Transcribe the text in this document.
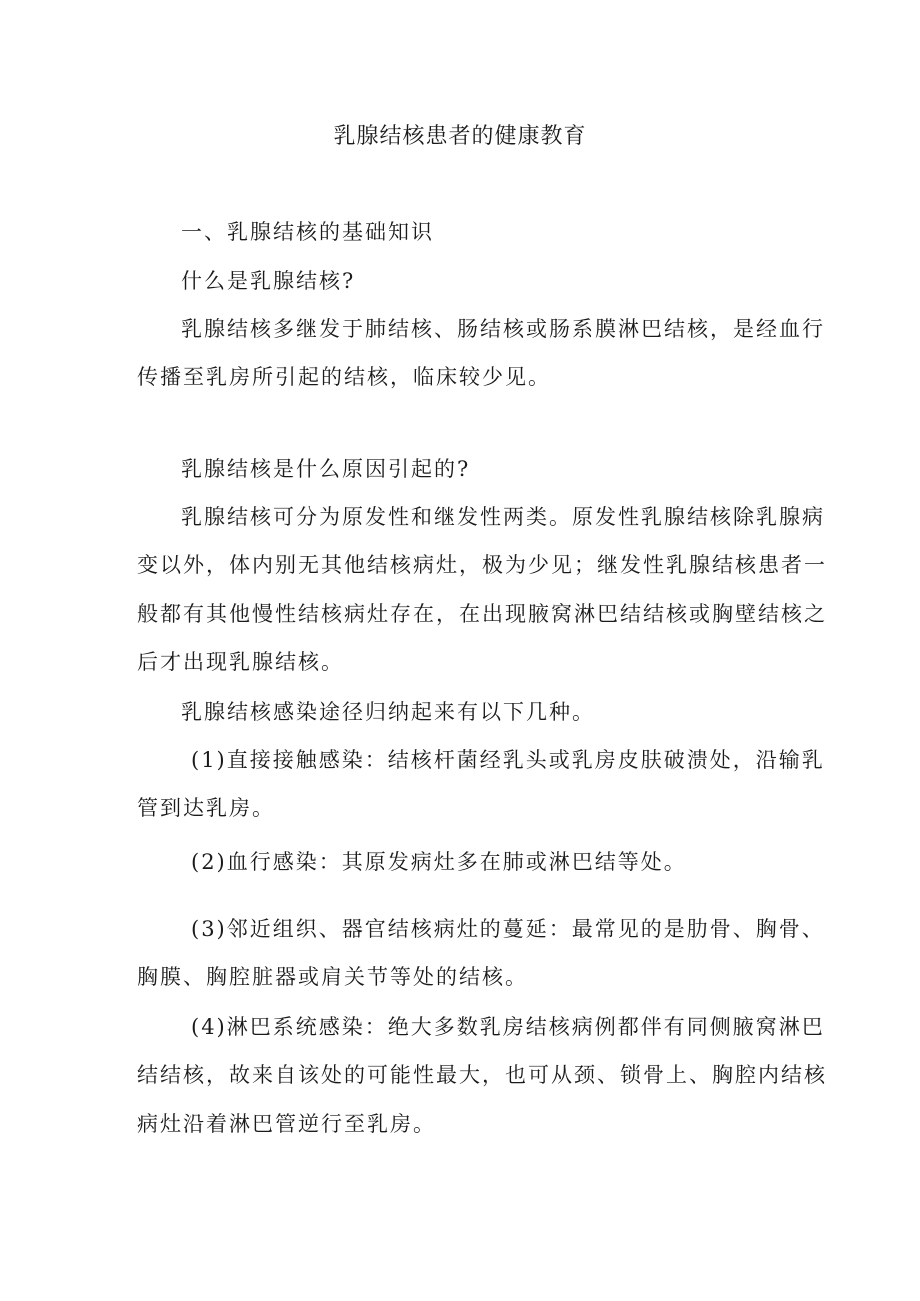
乳腺结核患者的健康教育
一、乳腺结核的基础知识
什么是乳腺结核?
乳腺结核多继发于肺结核、肠结核或肠系膜淋巴结核，是经血行
传播至乳房所引起的结核，临床较少见。
乳腺结核是什么原因引起的?
乳腺结核可分为原发性和继发性两类。原发性乳腺结核除乳腺病
变以外，体内别无其他结核病灶，极为少见；继发性乳腺结核患者一
般都有其他慢性结核病灶存在，在出现腋窝淋巴结结核或胸壁结核之
后才出现乳腺结核。
乳腺结核感染途径归纳起来有以下几种。
(1)直接接触感染：结核杆菌经乳头或乳房皮肤破溃处，沿输乳
管到达乳房。
(2)血行感染：其原发病灶多在肺或淋巴结等处。
(3)邻近组织、器官结核病灶的蔓延：最常见的是肋骨、胸骨、
胸膜、胸腔脏器或肩关节等处的结核。
(4)淋巴系统感染：绝大多数乳房结核病例都伴有同侧腋窝淋巴
结结核，故来自该处的可能性最大，也可从颈、锁骨上、胸腔内结核
病灶沿着淋巴管逆行至乳房。
